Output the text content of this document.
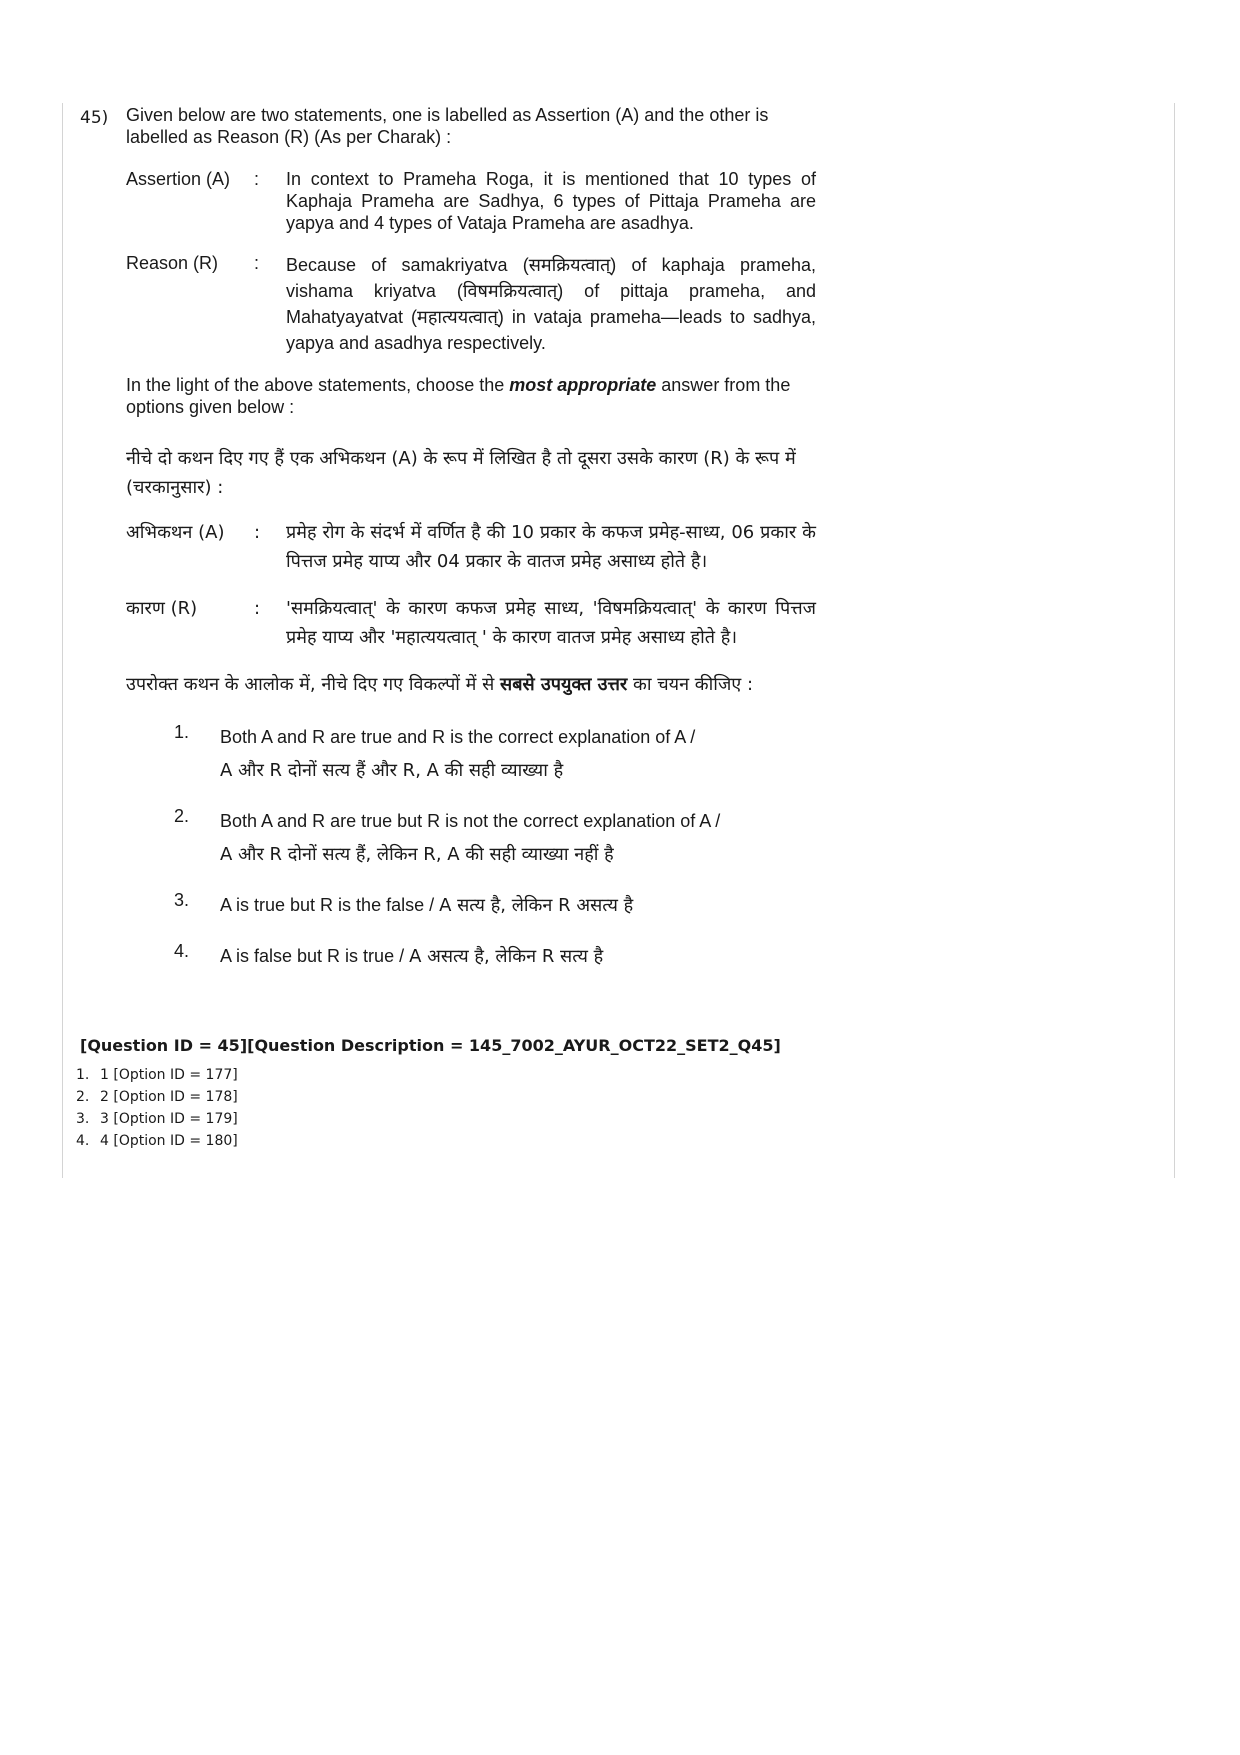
45) Given below are two statements, one is labelled as Assertion (A) and the other is labelled as Reason (R) (As per Charak) :

Assertion (A)	:	In context to Prameha Roga, it is mentioned that 10 types of Kaphaja Prameha are Sadhya, 6 types of Pittaja Prameha are yapya and 4 types of Vataja Prameha are asadhya.
Reason (R)	:	Because of samakriyatva (समक्रियत्वात्) of kaphaja prameha, vishama kriyatva (विषमक्रियत्वात्) of pittaja prameha, and Mahatyayatvat (महात्ययत्वात्) in vataja prameha—leads to sadhya, yapya and asadhya respectively.

In the light of the above statements, choose the most appropriate answer from the options given below :

नीचे दो कथन दिए गए हैं एक अभिकथन (A) के रूप में लिखित है तो दूसरा उसके कारण (R) के रूप में (चरकानुसार) :

अभिकथन (A)	:	प्रमेह रोग के संदर्भ में वर्णित है की 10 प्रकार के कफज प्रमेह-साध्य, 06 प्रकार के पित्तज प्रमेह याप्य और 04 प्रकार के वातज प्रमेह असाध्य होते है।
कारण (R)	:	'समक्रियत्वात्' के कारण कफज प्रमेह साध्य, 'विषमक्रियत्वात्' के कारण पित्तज प्रमेह याप्य और 'महात्ययत्वात् ' के कारण वातज प्रमेह असाध्य होते है।

उपरोक्त कथन के आलोक में, नीचे दिए गए विकल्पों में से सबसे उपयुक्त उत्तर का चयन कीजिए :

1.	Both A and R are true and R is the correct explanation of A /
A और R दोनों सत्य हैं और R, A की सही व्याख्या है
2.	Both A and R are true but R is not the correct explanation of A /
A और R दोनों सत्य हैं, लेकिन R, A की सही व्याख्या नहीं है
3.	A is true but R is the false / A सत्य है, लेकिन R असत्य है
4.	A is false but R is true / A असत्य है, लेकिन R सत्य है
[Question ID = 45][Question Description = 145_7002_AYUR_OCT22_SET2_Q45]
1. 1 [Option ID = 177]
2. 2 [Option ID = 178]
3. 3 [Option ID = 179]
4. 4 [Option ID = 180]
